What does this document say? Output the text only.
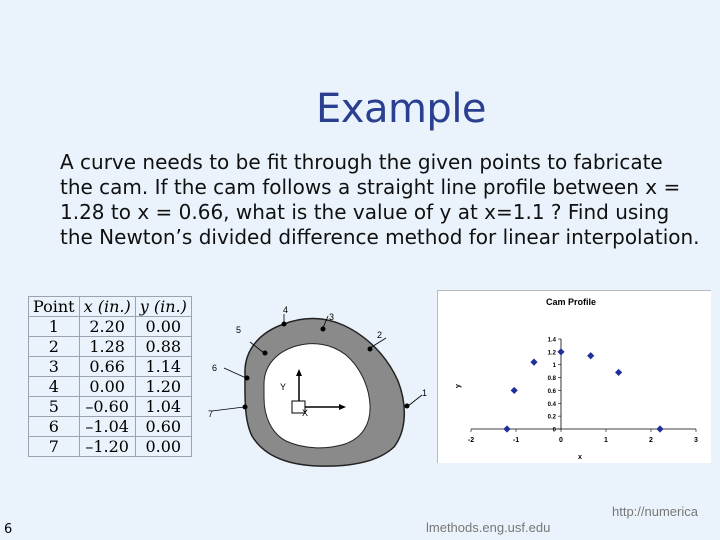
Example
A curve needs to be fit through the given points to fabricate the cam. If the cam follows a straight line profile between x = 1.28 to x = 0.66, what is the value of y at x=1.1 ? Find using the Newton’s divided difference method for linear interpolation.
Point	x (in.)	y (in.)
1	2.20	0.00
2	1.28	0.88
3	0.66	1.14
4	0.00	1.20
5	–0.60	1.04
6	–1.04	0.60
7	–1.20	0.00
Y
X
1
2
3
4
5
6
7
Cam Profile
x
y
-2	-1	0	1	2	3
0
0.2
0.4
0.6
0.8
1
1.2
1.4
6
http://numerica
lmethods.eng.usf.edu
